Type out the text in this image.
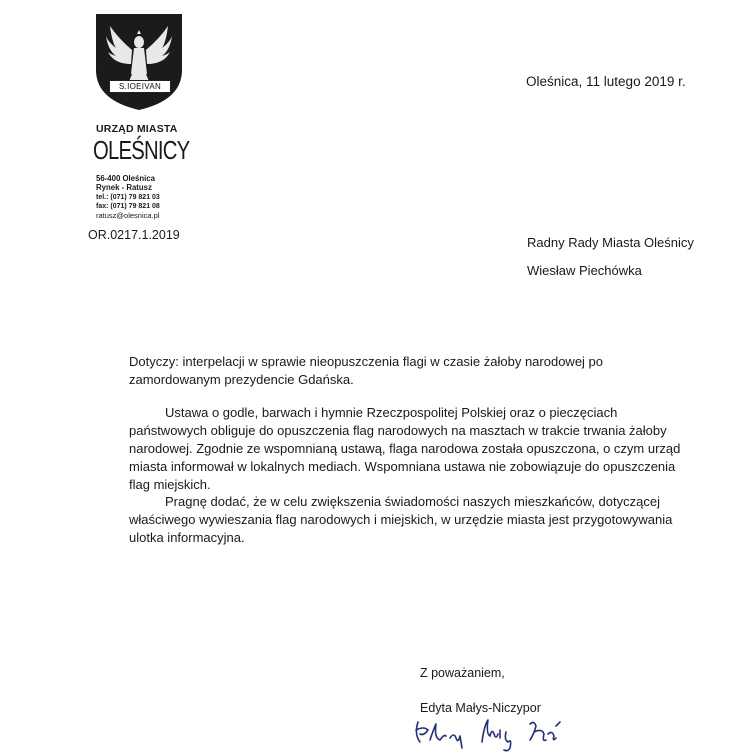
S.IOEIVAN
URZĄD MIASTA
OLEŚNICY
56-400 Oleśnica
Rynek - Ratusz
tel.: (071) 79 821 03
fax: (071) 79 821 08
ratusz@olesnica.pl
OR.0217.1.2019
Oleśnica, 11 lutego 2019 r.
Radny Rady Miasta Oleśnicy
Wiesław Piechówka
Dotyczy: interpelacji w sprawie nieopuszczenia flagi w czasie żałoby narodowej po zamordowanym prezydencie Gdańska.
Ustawa o godle, barwach i hymnie Rzeczpospolitej Polskiej oraz o pieczęciach państwowych obliguje do opuszczenia flag narodowych na masztach w trakcie trwania żałoby narodowej. Zgodnie ze wspomnianą ustawą, flaga narodowa została opuszczona, o czym urząd miasta informował w lokalnych mediach. Wspomniana ustawa nie zobowiązuje do opuszczenia flag miejskich.
Pragnę dodać, że w celu zwiększenia świadomości naszych mieszkańców, dotyczącej właściwego wywieszania flag narodowych i miejskich, w urzędzie miasta jest przygotowywania ulotka informacyjna.
Z poważaniem,
Edyta Małys-Niczypor
